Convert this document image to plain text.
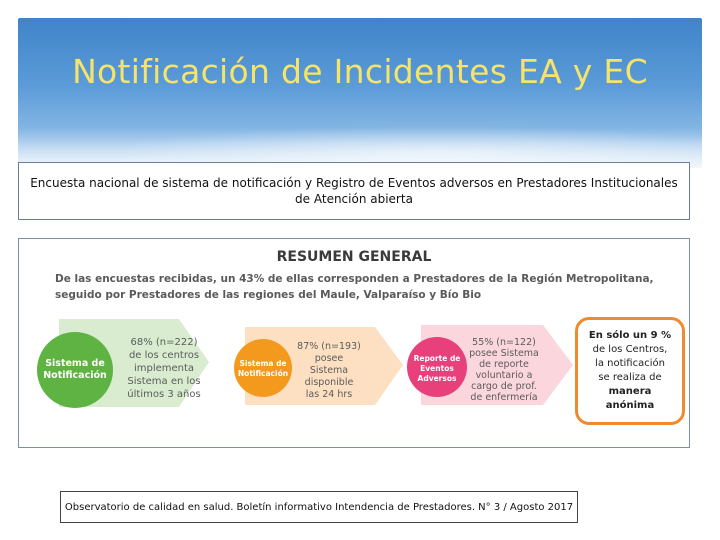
Notificación de Incidentes EA y EC
Encuesta nacional de sistema de notificación y Registro de Eventos adversos en Prestadores Institucionales de Atención abierta
RESUMEN GENERAL
De las encuestas recibidas, un 43% de ellas corresponden a Prestadores de la Región Metropolitana, seguido por Prestadores de las regiones del Maule, Valparaíso y Bío Bio
Sistema de
Notificación
68% (n=222)
de los centros
implementa
Sistema en los
últimos 3 años
Sistema de
Notificación
87% (n=193)
posee
Sistema
disponible
las 24 hrs
Reporte de
Eventos
Adversos
55% (n=122)
posee Sistema
de reporte
voluntario a
cargo de prof.
de enfermería
En sólo un 9 %
de los Centros,
la notificación
se realiza de
manera
anónima
Observatorio de calidad en salud. Boletín informativo Intendencia de Prestadores. N° 3 / Agosto 2017
